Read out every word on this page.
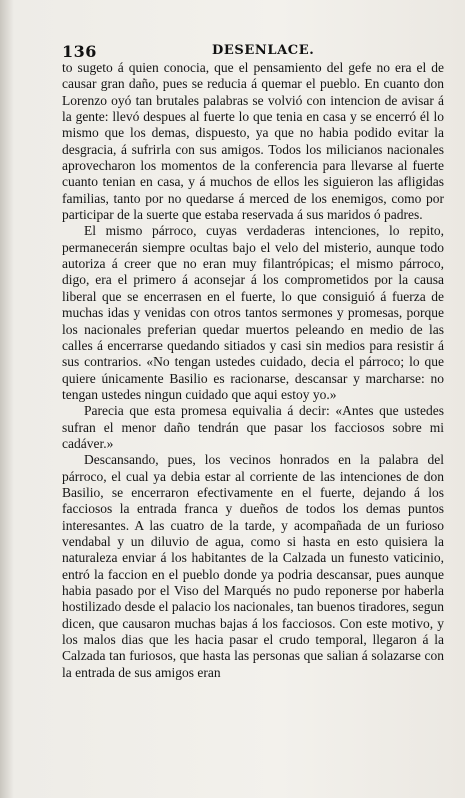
136	DESENLACE.

to sugeto á quien conocia, que el pensamiento del gefe no era el de causar gran daño, pues se reducia á quemar el pueblo. En cuanto don Lorenzo oyó tan brutales palabras se volvió con intencion de avisar á la gente: llevó despues al fuerte lo que tenia en casa y se encerró él lo mismo que los demas, dispuesto, ya que no habia podido evitar la desgracia, á sufrirla con sus amigos. Todos los milicianos nacionales aprovecharon los momentos de la conferencia para llevarse al fuerte cuanto tenian en casa, y á muchos de ellos les siguieron las afligidas familias, tanto por no quedarse á merced de los enemigos, como por participar de la suerte que estaba reservada á sus maridos ó padres.

El mismo párroco, cuyas verdaderas intenciones, lo repito, permanecerán siempre ocultas bajo el velo del misterio, aunque todo autoriza á creer que no eran muy filantrópicas; el mismo párroco, digo, era el primero á aconsejar á los comprometidos por la causa liberal que se encerrasen en el fuerte, lo que consiguió á fuerza de muchas idas y venidas con otros tantos sermones y promesas, porque los nacionales preferian quedar muertos peleando en medio de las calles á encerrarse quedando sitiados y casi sin medios para resistir á sus contrarios. «No tengan ustedes cuidado, decia el párroco; lo que quiere únicamente Basilio es racionarse, descansar y marcharse: no tengan ustedes ningun cuidado que aqui estoy yo.»

Parecia que esta promesa equivalia á decir: «Antes que ustedes sufran el menor daño tendrán que pasar los facciosos sobre mi cadáver.»

Descansando, pues, los vecinos honrados en la palabra del párroco, el cual ya debia estar al corriente de las intenciones de don Basilio, se encerraron efectivamente en el fuerte, dejando á los facciosos la entrada franca y dueños de todos los demas puntos interesantes. A las cuatro de la tarde, y acompañada de un furioso vendabal y un diluvio de agua, como si hasta en esto quisiera la naturaleza enviar á los habitantes de la Calzada un funesto vaticinio, entró la faccion en el pueblo donde ya podria descansar, pues aunque habia pasado por el Viso del Marqués no pudo reponerse por haberla hostilizado desde el palacio los nacionales, tan buenos tiradores, segun dicen, que causaron muchas bajas á los facciosos. Con este motivo, y los malos dias que les hacia pasar el crudo temporal, llegaron á la Calzada tan furiosos, que hasta las personas que salian á solazarse con la entrada de sus amigos eran
